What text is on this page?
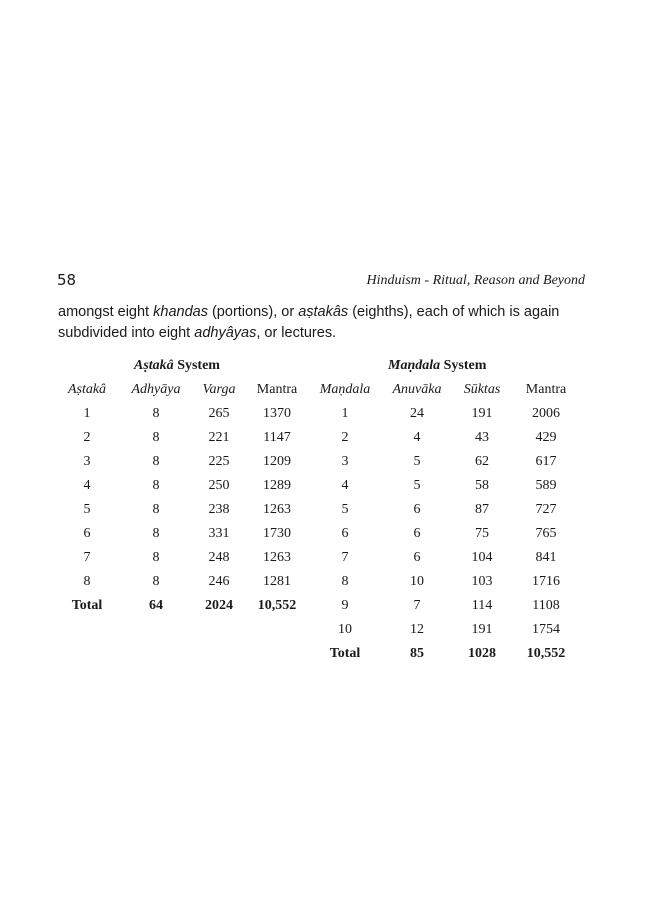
58	Hinduism - Ritual, Reason and Beyond
amongst eight khandas (portions), or aṣtakâs (eighths), each of which is again subdivided into eight adhyâyas, or lectures.
Aṣtakâ System
Aṣtakâ	Adhyāya	Varga	Mantra
1	8	265	1370
2	8	221	1147
3	8	225	1209
4	8	250	1289
5	8	238	1263
6	8	331	1730
7	8	248	1263
8	8	246	1281
Total	64	2024	10,552
Maṇdala System
Maṇdala	Anuvāka	Sūktas	Mantra
1	24	191	2006
2	4	43	429
3	5	62	617
4	5	58	589
5	6	87	727
6	6	75	765
7	6	104	841
8	10	103	1716
9	7	114	1108
10	12	191	1754
Total	85	1028	10,552
